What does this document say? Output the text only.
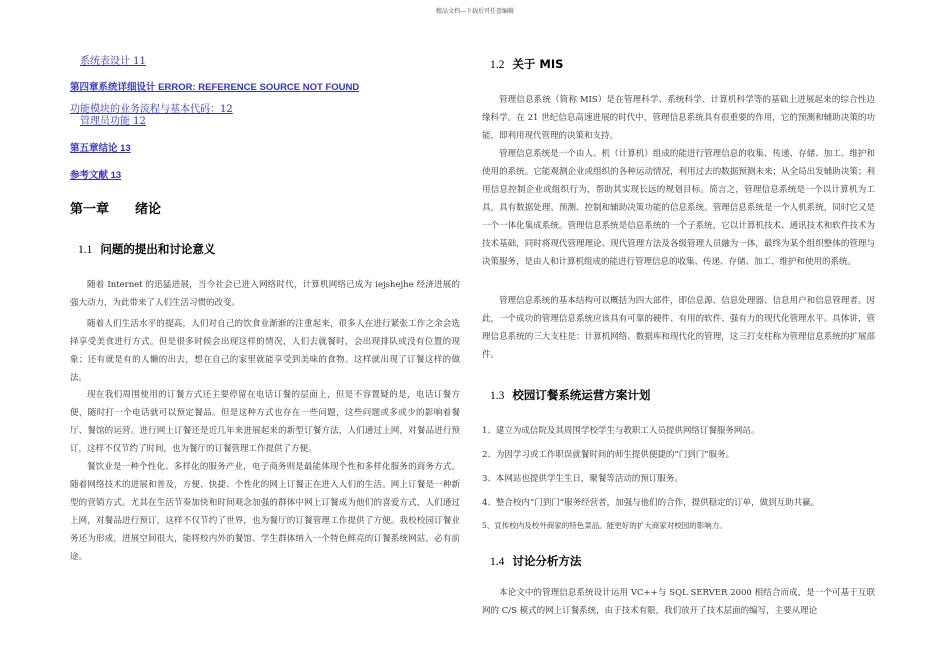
精品文档---下载后可任意编辑
系统表设计 11
第四章系统详细设计 ERROR: REFERENCE SOURCE NOT FOUND
功能模块的业务流程与基本代码：12
管理员功能 12
第五章结论 13
参考文献 13
第一章 绪论
1.1 问题的提出和讨论意义
随着 Internet 的迅猛进展，当今社会已进入网络时代，计算机网络已成为 iejshejhe 经济进展的强大动力，为此带来了人们生活习惯的改变。
随着人们生活水平的提高，人们对自己的饮食业渐渐的注重起来，很多人在进行紧张工作之余会选择享受美食进行方式。但是很多时候会出现这样的情况，人们去就餐时，会出现排队或没有位置的现象；还有就是有的人懒的出去，想在自己的家里就能享受到美味的食物。这样就出现了订餐这样的做法。
现在我们周围使用的订餐方式还主要停留在电话订餐的层面上，但是不容置疑的是，电话订餐方便，随时打一个电话就可以预定餐品。但是这种方式也存在一些问题，这些问题或多或少的影响着餐厅、餐馆的运营。进行网上订餐还是近几年来进展起来的新型订餐方法，人们通过上网，对餐品进行预订，这样不仅节约了时间，也为餐厅的订餐管理工作提供了方便。
餐饮业是一种个性化、多样化的服务产业，电子商务则是最能体现个性和多样化服务的商务方式。随着网络技术的进展和普及，方便、快捷、个性化的网上订餐正在进入人们的生活。网上订餐是一种新型的营销方式。尤其在生活节奏加快和时间观念加强的群体中网上订餐成为他们的喜爱方式，人们通过上网，对餐品进行预订，这样不仅节约了世界，也为餐厅的订餐管理工作提供了方便。我校校园订餐业务还为形成，进展空间很大，能将校内外的餐馆、学生群体纳入一个特色鲜亮的订餐系统网站，必有前途。
1.2 关于 MIS
管理信息系统（简称 MIS）是在管理科学、系统科学、计算机科学等的基础上进展起来的综合性边缘科学。在 21 世纪信息高速进展的时代中，管理信息系统具有很重要的作用，它的预测和辅助决策的功能，即利用现代管理的决策和支持。
管理信息系统是一个由人、机（计算机）组成的能进行管理信息的收集、传递、存储、加工、维护和使用的系统。它能观测企业或组织的各种运动情况，利用过去的数据预测未来；从全局出发辅助决策；利用信息控制企业或组织行为，帮助其实现长远的规划目标。简言之，管理信息系统是一个以计算机为工具，具有数据处理、预测、控制和辅助决策功能的信息系统。管理信息系统是一个人机系统，同时它又是一个一体化集成系统。管理信息系统是信息系统的一个子系统，它以计算机技术、通讯技术和软件技术为技术基础，同时将现代管理理论、现代管理方法及各级管理人员融为一体，最终为某个组织整体的管理与决策服务，是由人和计算机组成的能进行管理信息的收集、传递、存储、加工、维护和使用的系统。
管理信息系统的基本结构可以概括为四大部件，即信息源、信息处理器、信息用户和信息管理者。因此，一个成功的管理信息系统应该具有可靠的硬件、有用的软件、强有力的现代化管理水平。具体讲，管理信息系统的三大支柱是：计算机网络、数据库和现代化的管理，这三打支柱称为管理信息系统的扩展部件。
1.3 校园订餐系统运营方案计划
1、建立为成信院及其周围学校学生与教职工人员提供网络订餐服务网站。
2、为因学习或工作职误就餐时间的师生提供便捷的“门到门”服务。
3、本网站也提供学生生日，聚餐等活动的预订服务。
4、整合校内“门到门”服务经营者，加强与他们的合作，提供稳定的订单，做到互助共赢。
5、宣传校内及校外商家的特色菜品。能更好的扩大商家对校园的影响力。
1.4 讨论分析方法
本论文中的管理信息系统设计运用 VC++与 SQL SERVER 2000 相结合而成，是一个可基于互联网的 C/S 模式的网上订餐系统，由于技术有限，我们放开了技术层面的编写，主要从理论
